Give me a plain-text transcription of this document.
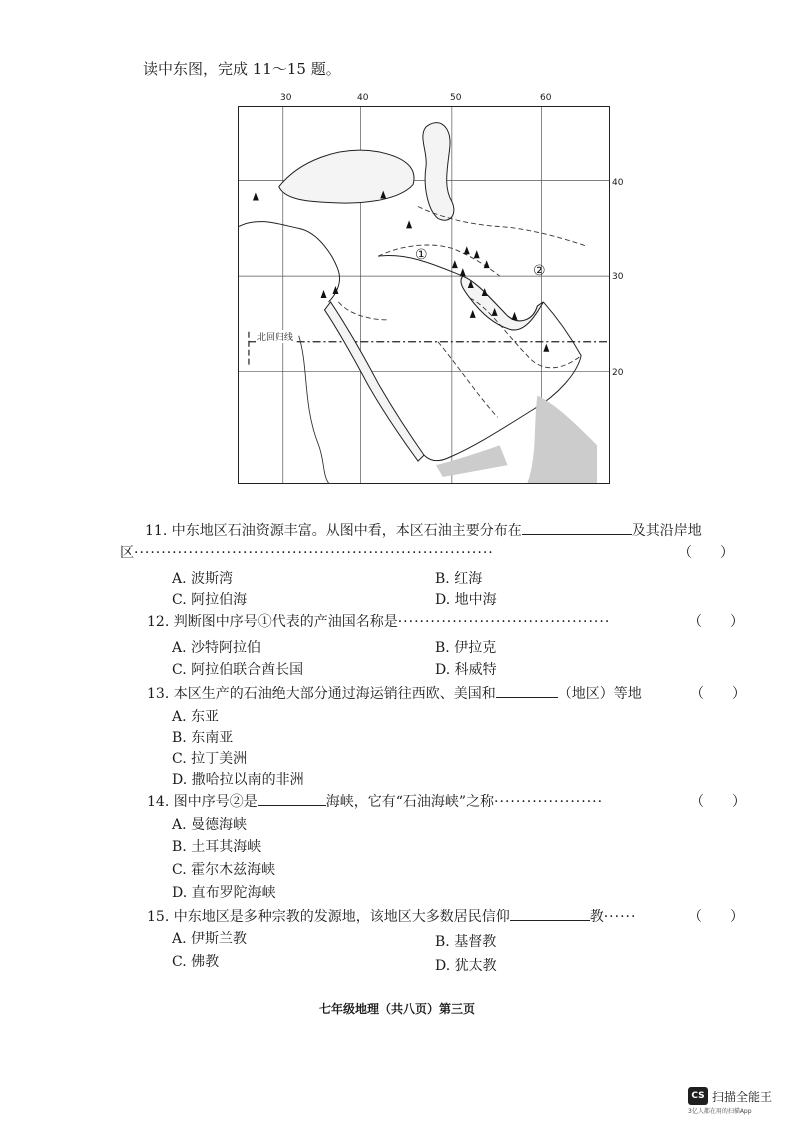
读中东图，完成 11～15 题。
30	40	50	60
40
30
20
北回归线
①
②
11. 中东地区石油资源丰富。从图中看，本区石油主要分布在	及其沿岸地
区··································································	（　　）
A. 波斯湾	B. 红海
C. 阿拉伯海	D. 地中海
12. 判断图中序号①代表的产油国名称是·······································	（　　）
A. 沙特阿拉伯	B. 伊拉克
C. 阿拉伯联合酋长国	D. 科威特
13. 本区生产的石油绝大部分通过海运销往西欧、美国和	（地区）等地	（　　）
A. 东亚
B. 东南亚
C. 拉丁美洲
D. 撒哈拉以南的非洲
14. 图中序号②是	海峡，它有“石油海峡”之称····················	（　　）
A. 曼德海峡
B. 土耳其海峡
C. 霍尔木兹海峡
D. 直布罗陀海峡
15. 中东地区是多种宗教的发源地，该地区大多数居民信仰	教······	（　　）
A. 伊斯兰教	B. 基督教
C. 佛教	D. 犹太教
七年级地理（共八页）第三页
CS 扫描全能王
3亿人都在用的扫描App
